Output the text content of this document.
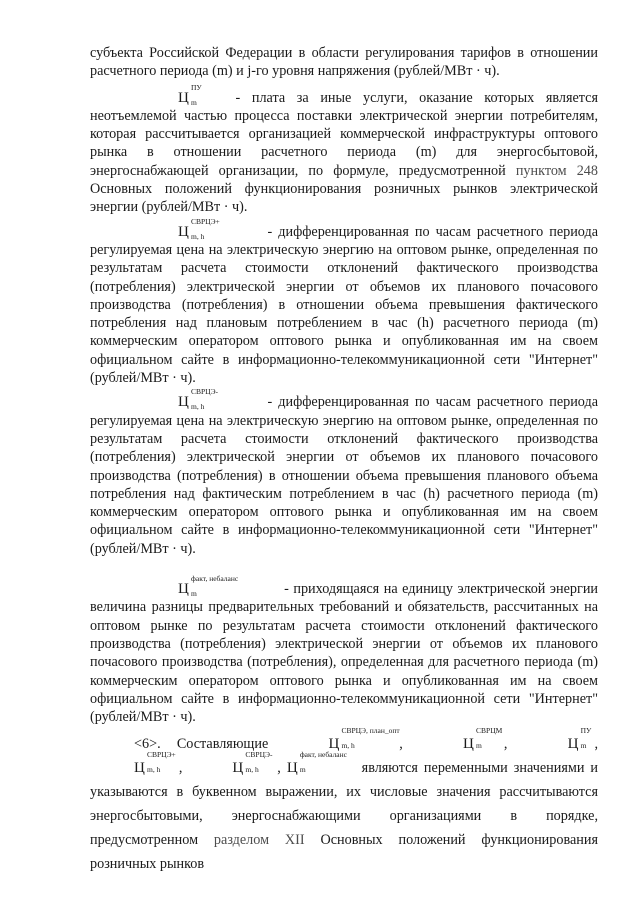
субъекта Российской Федерации в области регулирования тарифов в отношении расчетного периода (m) и j-го уровня напряжения (рублей/МВт · ч).

Ц
ПУ
m - плата за иные услуги, оказание которых является неотъемлемой частью процесса поставки электрической энергии потребителям, которая рассчитывается организацией коммерческой инфраструктуры оптового рынка в отношении расчетного периода (m) для энергосбытовой, энергоснабжающей организации, по формуле, предусмотренной пунктом 248 Основных положений функционирования розничных рынков электрической энергии (рублей/МВт · ч).

Ц
СВРЦЭ+
m, h	- дифференцированная по часам расчетного периода регулируемая цена на электрическую энергию на оптовом рынке, определенная по результатам расчета стоимости отклонений фактического производства (потребления) электрической энергии от объемов их планового почасового производства (потребления) в отношении объема превышения фактического потребления над плановым потреблением в час (h) расчетного периода (m) коммерческим оператором оптового рынка и опубликованная им на своем официальном сайте в информационно-телекоммуникационной сети "Интернет" (рублей/МВт · ч).

Ц
СВРЦЭ-
m, h	- дифференцированная по часам расчетного периода регулируемая цена на электрическую энергию на оптовом рынке, определенная по результатам расчета стоимости отклонений фактического производства (потребления) электрической энергии от объемов их планового почасового производства (потребления) в отношении объема превышения планового объема потребления над фактическим потреблением в час (h) расчетного периода (m) коммерческим оператором оптового рынка и опубликованная им на своем официальном сайте в информационно-телекоммуникационной сети "Интернет" (рублей/МВт · ч).

Ц
факт, небаланс
m	- приходящаяся на единицу электрической энергии величина разницы предварительных требований и обязательств, рассчитанных на оптовом рынке по результатам расчета стоимости отклонений фактического производства (потребления) электрической энергии от объемов их планового почасового производства (потребления), определенная для расчетного периода (m) коммерческим оператором оптового рынка и опубликованная им на своем официальном сайте в информационно-телекоммуникационной сети "Интернет" (рублей/МВт · ч).

<6>. Составляющие	Ц
СВРЦЭ, план_опт
m, h	,	Ц
СВРЦМ
m ,	Ц
ПУ
m , Ц
СВРЦЭ+
m, h ,	Ц
СВРЦЭ-
m, h , Ц
факт, небаланс
m	являются переменными значениями и указываются в буквенном выражении, их числовые значения рассчитываются энергосбытовыми, энергоснабжающими организациями в порядке, предусмотренном разделом XII Основных положений функционирования розничных рынков
